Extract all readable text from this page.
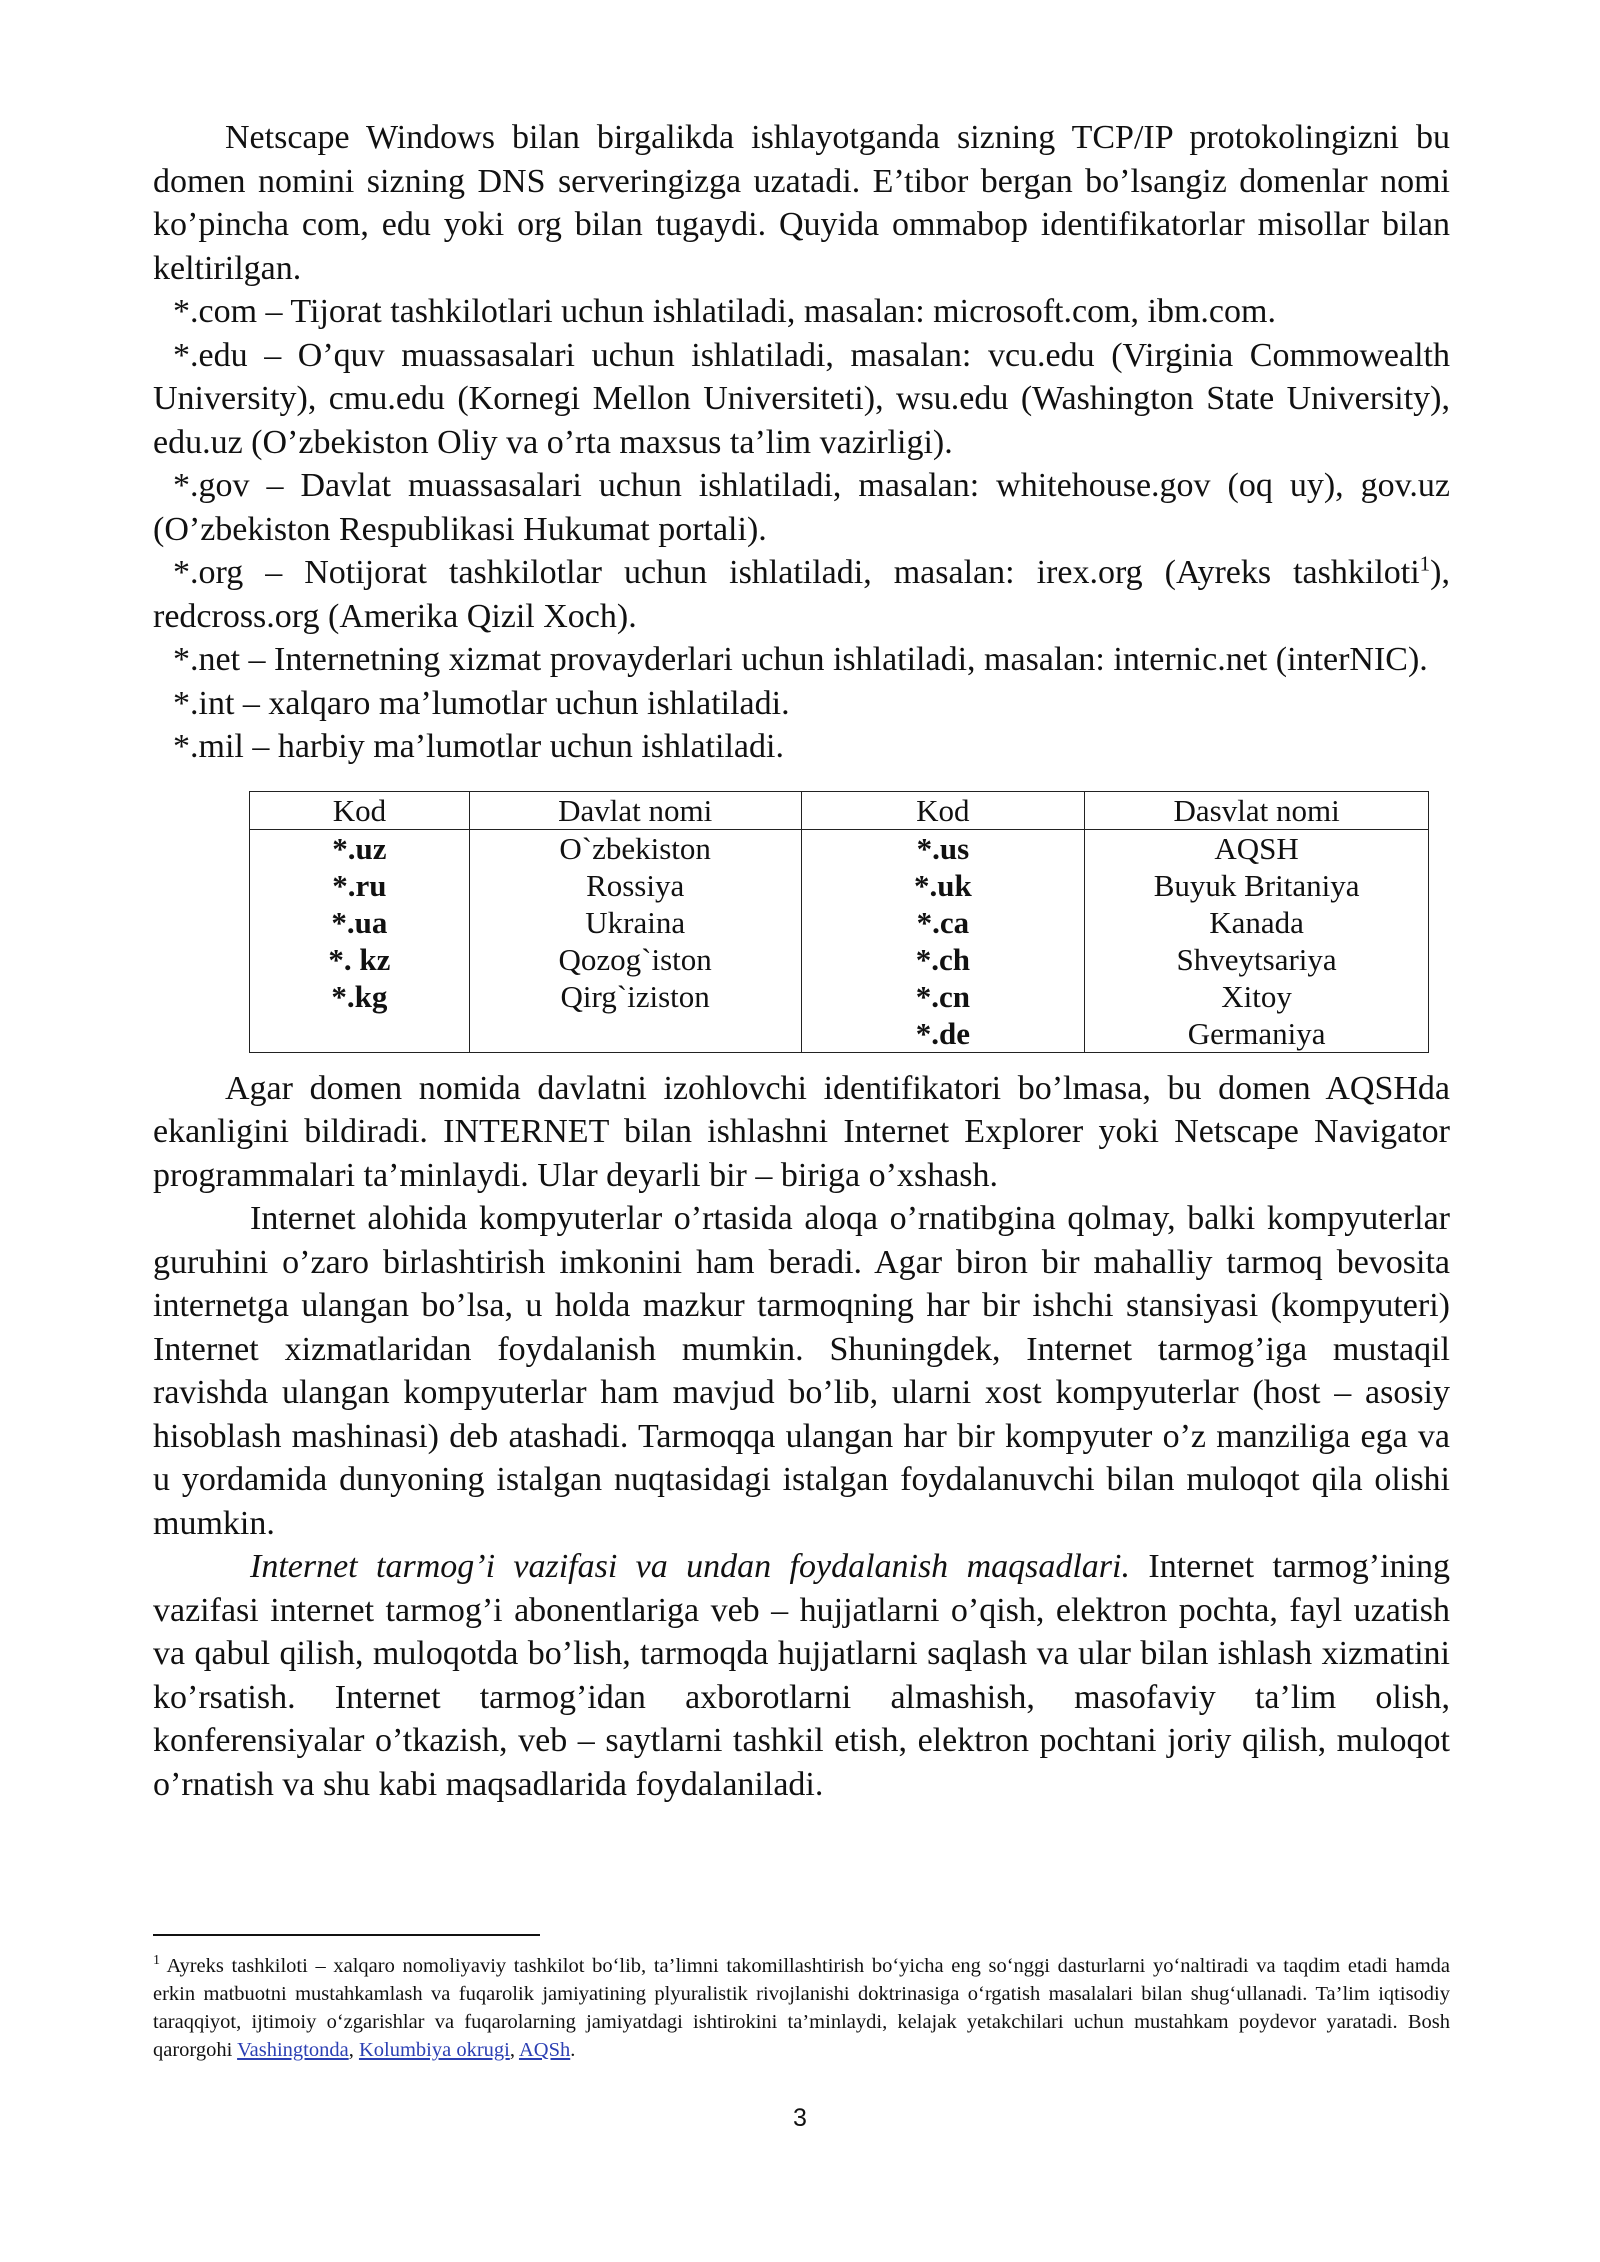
Netscape Windows bilan birgalikda ishlayotganda sizning TCP/IP protokolingizni bu domen nomini sizning DNS serveringizga uzatadi. E’tibor bergan bo’lsangiz domenlar nomi ko’pincha com, edu yoki org bilan tugaydi. Quyida ommabop identifikatorlar misollar bilan keltirilgan.

*.com – Tijorat tashkilotlari uchun ishlatiladi, masalan: microsoft.com, ibm.com.

*.edu – O’quv muassasalari uchun ishlatiladi, masalan: vcu.edu (Virginia Commowealth University), cmu.edu (Kornegi Mellon Universiteti), wsu.edu (Washington State University), edu.uz (O’zbekiston Oliy va o’rta maxsus ta’lim vazirligi).

*.gov – Davlat muassasalari uchun ishlatiladi, masalan: whitehouse.gov (oq uy), gov.uz (O’zbekiston Respublikasi Hukumat portali).

*.org – Notijorat tashkilotlar uchun ishlatiladi, masalan: irex.org (Ayreks tashkiloti$^1$), redcross.org (Amerika Qizil Xoch).

*.net – Internetning xizmat provayderlari uchun ishlatiladi, masalan: internic.net (interNIC).

*.int – xalqaro ma’lumotlar uchun ishlatiladi.

*.mil – harbiy ma’lumotlar uchun ishlatiladi.

Kod	Davlat nomi	Kod	Dasvlat nomi
*.uz	O`zbekiston	*.us	AQSH
*.ru	Rossiya	*.uk	Buyuk Britaniya
*.ua	Ukraina	*.ca	Kanada
*. kz	Qozog`iston	*.ch	Shveytsariya
*.kg	Qirg`iziston	*.cn	Xitoy
		*.de	Germaniya

Agar domen nomida davlatni izohlovchi identifikatori bo’lmasa, bu domen AQSHda ekanligini bildiradi. INTERNET bilan ishlashni Internet Explorer yoki Netscape Navigator programmalari ta’minlaydi. Ular deyarli bir – biriga o’xshash.

Internet alohida kompyuterlar o’rtasida aloqa o’rnatibgina qolmay, balki kompyuterlar guruhini o’zaro birlashtirish imkonini ham beradi. Agar biron bir mahalliy tarmoq bevosita internetga ulangan bo’lsa, u holda mazkur tarmoqning har bir ishchi stansiyasi (kompyuteri) Internet xizmatlaridan foydalanish mumkin. Shuningdek, Internet tarmog’iga mustaqil ravishda ulangan kompyuterlar ham mavjud bo’lib, ularni xost kompyuterlar (host – asosiy hisoblash mashinasi) deb atashadi. Tarmoqqa ulangan har bir kompyuter o’z manziliga ega va u yordamida dunyoning istalgan nuqtasidagi istalgan foydalanuvchi bilan muloqot qila olishi mumkin.

Internet tarmog’i vazifasi va undan foydalanish maqsadlari. Internet tarmog’ining vazifasi internet tarmog’i abonentlariga veb – hujjatlarni o’qish, elektron pochta, fayl uzatish va qabul qilish, muloqotda bo’lish, tarmoqda hujjatlarni saqlash va ular bilan ishlash xizmatini ko’rsatish. Internet tarmog’idan axborotlarni almashish, masofaviy ta’lim olish, konferensiyalar o’tkazish, veb – saytlarni tashkil etish, elektron pochtani joriy qilish, muloqot o’rnatish va shu kabi maqsadlarida foydalaniladi.

$^1$ Ayreks tashkiloti – xalqaro nomoliyaviy tashkilot bo‘lib, ta’limni takomillashtirish bo‘yicha eng so‘nggi dasturlarni yo‘naltiradi va taqdim etadi hamda erkin matbuotni mustahkamlash va fuqarolik jamiyatining plyuralistik rivojlanishi doktrinasiga o‘rgatish masalalari bilan shug‘ullanadi. Ta’lim iqtisodiy taraqqiyot, ijtimoiy o‘zgarishlar va fuqarolarning jamiyatdagi ishtirokini ta’minlaydi, kelajak yetakchilari uchun mustahkam poydevor yaratadi. Bosh qarorgohi Vashingtonda, Kolumbiya okrugi, AQSh.

3
